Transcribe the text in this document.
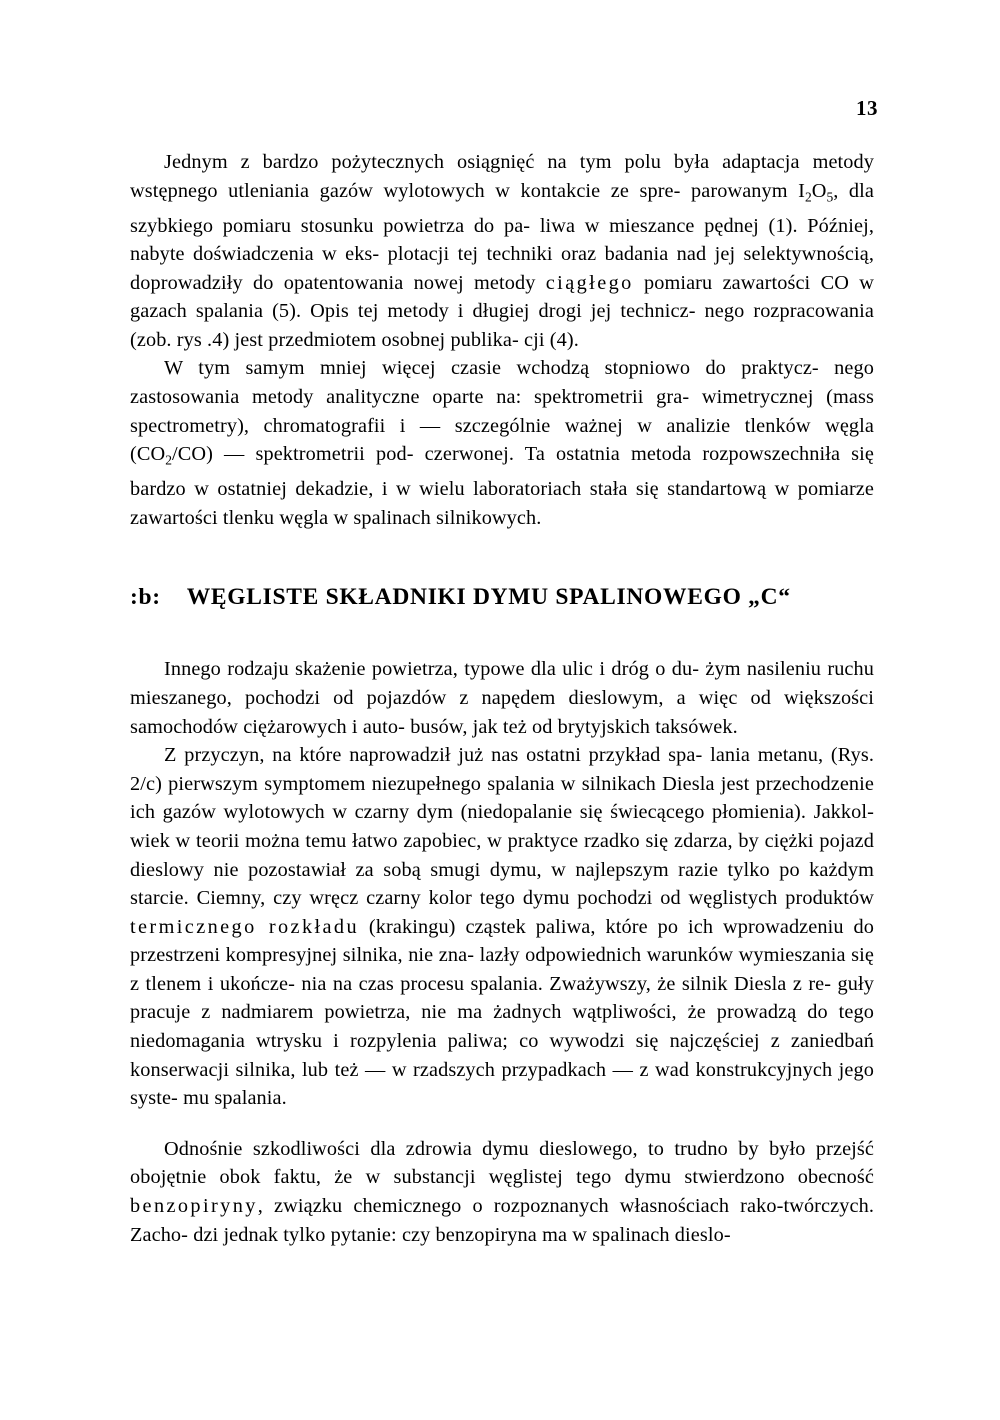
13

Jednym z bardzo pożytecznych osiągnięć na tym polu była adaptacja metody wstępnego utleniania gazów wylotowych w kontakcie ze spre- parowanym $I_2O_5$, dla szybkiego pomiaru stosunku powietrza do pa- liwa w mieszance pędnej (1). Później, nabyte doświadczenia w eks- plotacji tej techniki oraz badania nad jej selektywnością, doprowadziły do opatentowania nowej metody ciągłego pomiaru zawartości CO w gazach spalania (5). Opis tej metody i długiej drogi jej technicz- nego rozpracowania (zob. rys .4) jest przedmiotem osobnej publika- cji (4).

W tym samym mniej więcej czasie wchodzą stopniowo do praktycz- nego zastosowania metody analityczne oparte na: spektrometrii gra- wimetrycznej (mass spectrometry), chromatografii i — szczególnie ważnej w analizie tlenków węgla $(CO_2/CO)$ — spektrometrii pod- czerwonej. Ta ostatnia metoda rozpowszechniła się bardzo w ostatniej dekadzie, i w wielu laboratoriach stała się standartową w pomiarze zawartości tlenku węgla w spalinach silnikowych.

:b:    WĘGLISTE SKŁADNIKI DYMU SPALINOWEGO „C“

Innego rodzaju skażenie powietrza, typowe dla ulic i dróg o du- żym nasileniu ruchu mieszanego, pochodzi od pojazdów z napędem dieslowym, a więc od większości samochodów ciężarowych i auto- busów, jak też od brytyjskich taksówek.

Z przyczyn, na które naprowadził już nas ostatni przykład spa- lania metanu, (Rys. 2/c) pierwszym symptomem niezupełnego spalania w silnikach Diesla jest przechodzenie ich gazów wylotowych w czarny dym (niedopalanie się świecącego płomienia). Jakkol- wiek w teorii można temu łatwo zapobiec, w praktyce rzadko się zdarza, by ciężki pojazd dieslowy nie pozostawiał za sobą smugi dymu, w najlepszym razie tylko po każdym starcie. Ciemny, czy wręcz czarny kolor tego dymu pochodzi od węglistych produktów termicznego rozkładu (krakingu) cząstek paliwa, które po ich wprowadzeniu do przestrzeni kompresyjnej silnika, nie zna- lazły odpowiednich warunków wymieszania się z tlenem i ukończe- nia na czas procesu spalania. Zważywszy, że silnik Diesla z re- guły pracuje z nadmiarem powietrza, nie ma żadnych wątpliwości, że prowadzą do tego niedomagania wtrysku i rozpylenia paliwa; co wywodzi się najczęściej z zaniedbań konserwacji silnika, lub też — w rzadszych przypadkach — z wad konstrukcyjnych jego syste- mu spalania.

Odnośnie szkodliwości dla zdrowia dymu dieslowego, to trudno by było przejść obojętnie obok faktu, że w substancji węglistej tego dymu stwierdzono obecność benzopiryny, związku chemicznego o rozpoznanych własnościach rako-twórczych. Zacho- dzi jednak tylko pytanie: czy benzopiryna ma w spalinach dieslo-
